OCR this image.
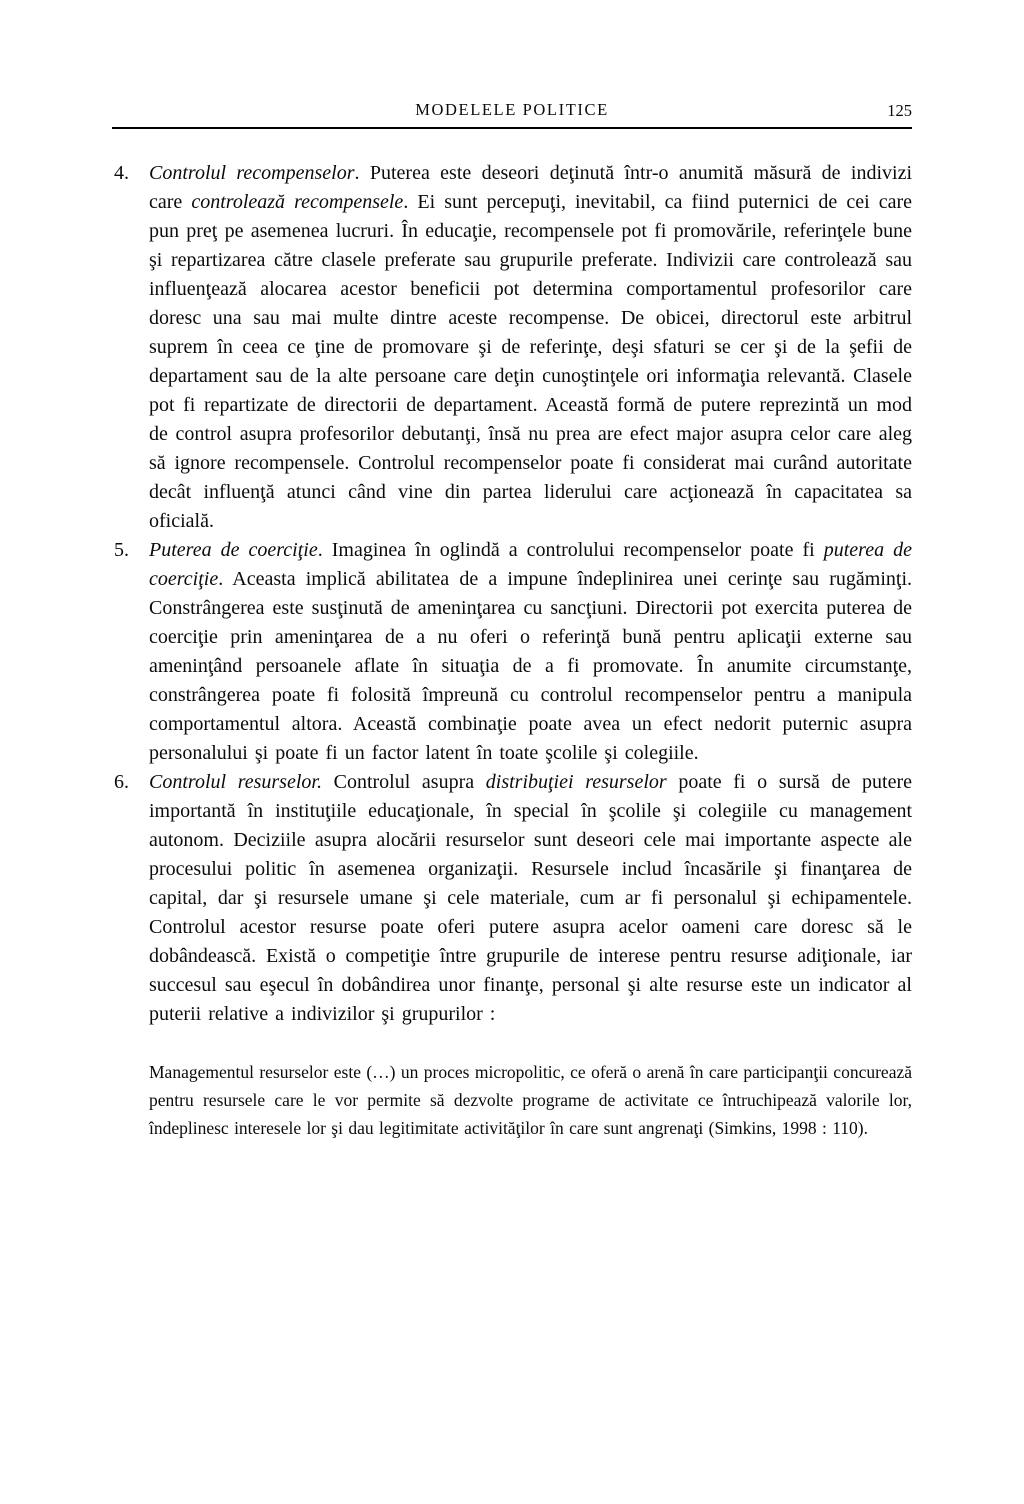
MODELELE POLITICE	125
4. Controlul recompenselor. Puterea este deseori deţinută într-o anumită măsură de indivizi care controlează recompensele. Ei sunt percepuţi, inevitabil, ca fiind puternici de cei care pun preţ pe asemenea lucruri. În educaţie, recompensele pot fi promovările, referinţele bune şi repartizarea către clasele preferate sau grupurile preferate. Indivizii care controlează sau influenţează alocarea acestor beneficii pot determina comportamentul profesorilor care doresc una sau mai multe dintre aceste recompense. De obicei, directorul este arbitrul suprem în ceea ce ţine de promovare şi de referinţe, deşi sfaturi se cer şi de la şefii de departament sau de la alte persoane care deţin cunoştinţele ori informaţia relevantă. Clasele pot fi repartizate de directorii de departament. Această formă de putere reprezintă un mod de control asupra profesorilor debutanţi, însă nu prea are efect major asupra celor care aleg să ignore recompensele. Controlul recompenselor poate fi considerat mai curând autoritate decât influenţă atunci când vine din partea liderului care acţionează în capacitatea sa oficială.
5. Puterea de coerciţie. Imaginea în oglindă a controlului recompenselor poate fi puterea de coerciţie. Aceasta implică abilitatea de a impune îndeplinirea unei cerinţe sau rugăminţi. Constrângerea este susţinută de ameninţarea cu sancţiuni. Directorii pot exercita puterea de coerciţie prin ameninţarea de a nu oferi o referinţă bună pentru aplicaţii externe sau ameninţând persoanele aflate în situaţia de a fi promovate. În anumite circumstanţe, constrângerea poate fi folosită împreună cu controlul recompenselor pentru a manipula comportamentul altora. Această combinaţie poate avea un efect nedorit puternic asupra personalului şi poate fi un factor latent în toate şcolile şi colegiile.
6. Controlul resurselor. Controlul asupra distribuţiei resurselor poate fi o sursă de putere importantă în instituţiile educaţionale, în special în şcolile şi colegiile cu management autonom. Deciziile asupra alocării resurselor sunt deseori cele mai importante aspecte ale procesului politic în asemenea organizaţii. Resursele includ încasările şi finanţarea de capital, dar şi resursele umane şi cele materiale, cum ar fi personalul şi echipamentele. Controlul acestor resurse poate oferi putere asupra acelor oameni care doresc să le dobândească. Există o competiţie între grupurile de interese pentru resurse adiţionale, iar succesul sau eşecul în dobândirea unor finanţe, personal şi alte resurse este un indicator al puterii relative a indivizilor şi grupurilor :
Managementul resurselor este (…) un proces micropolitic, ce oferă o arenă în care participanţii concurează pentru resursele care le vor permite să dezvolte programe de activitate ce întruchipează valorile lor, îndeplinesc interesele lor şi dau legitimitate activităţilor în care sunt angrenaţi (Simkins, 1998 : 110).
